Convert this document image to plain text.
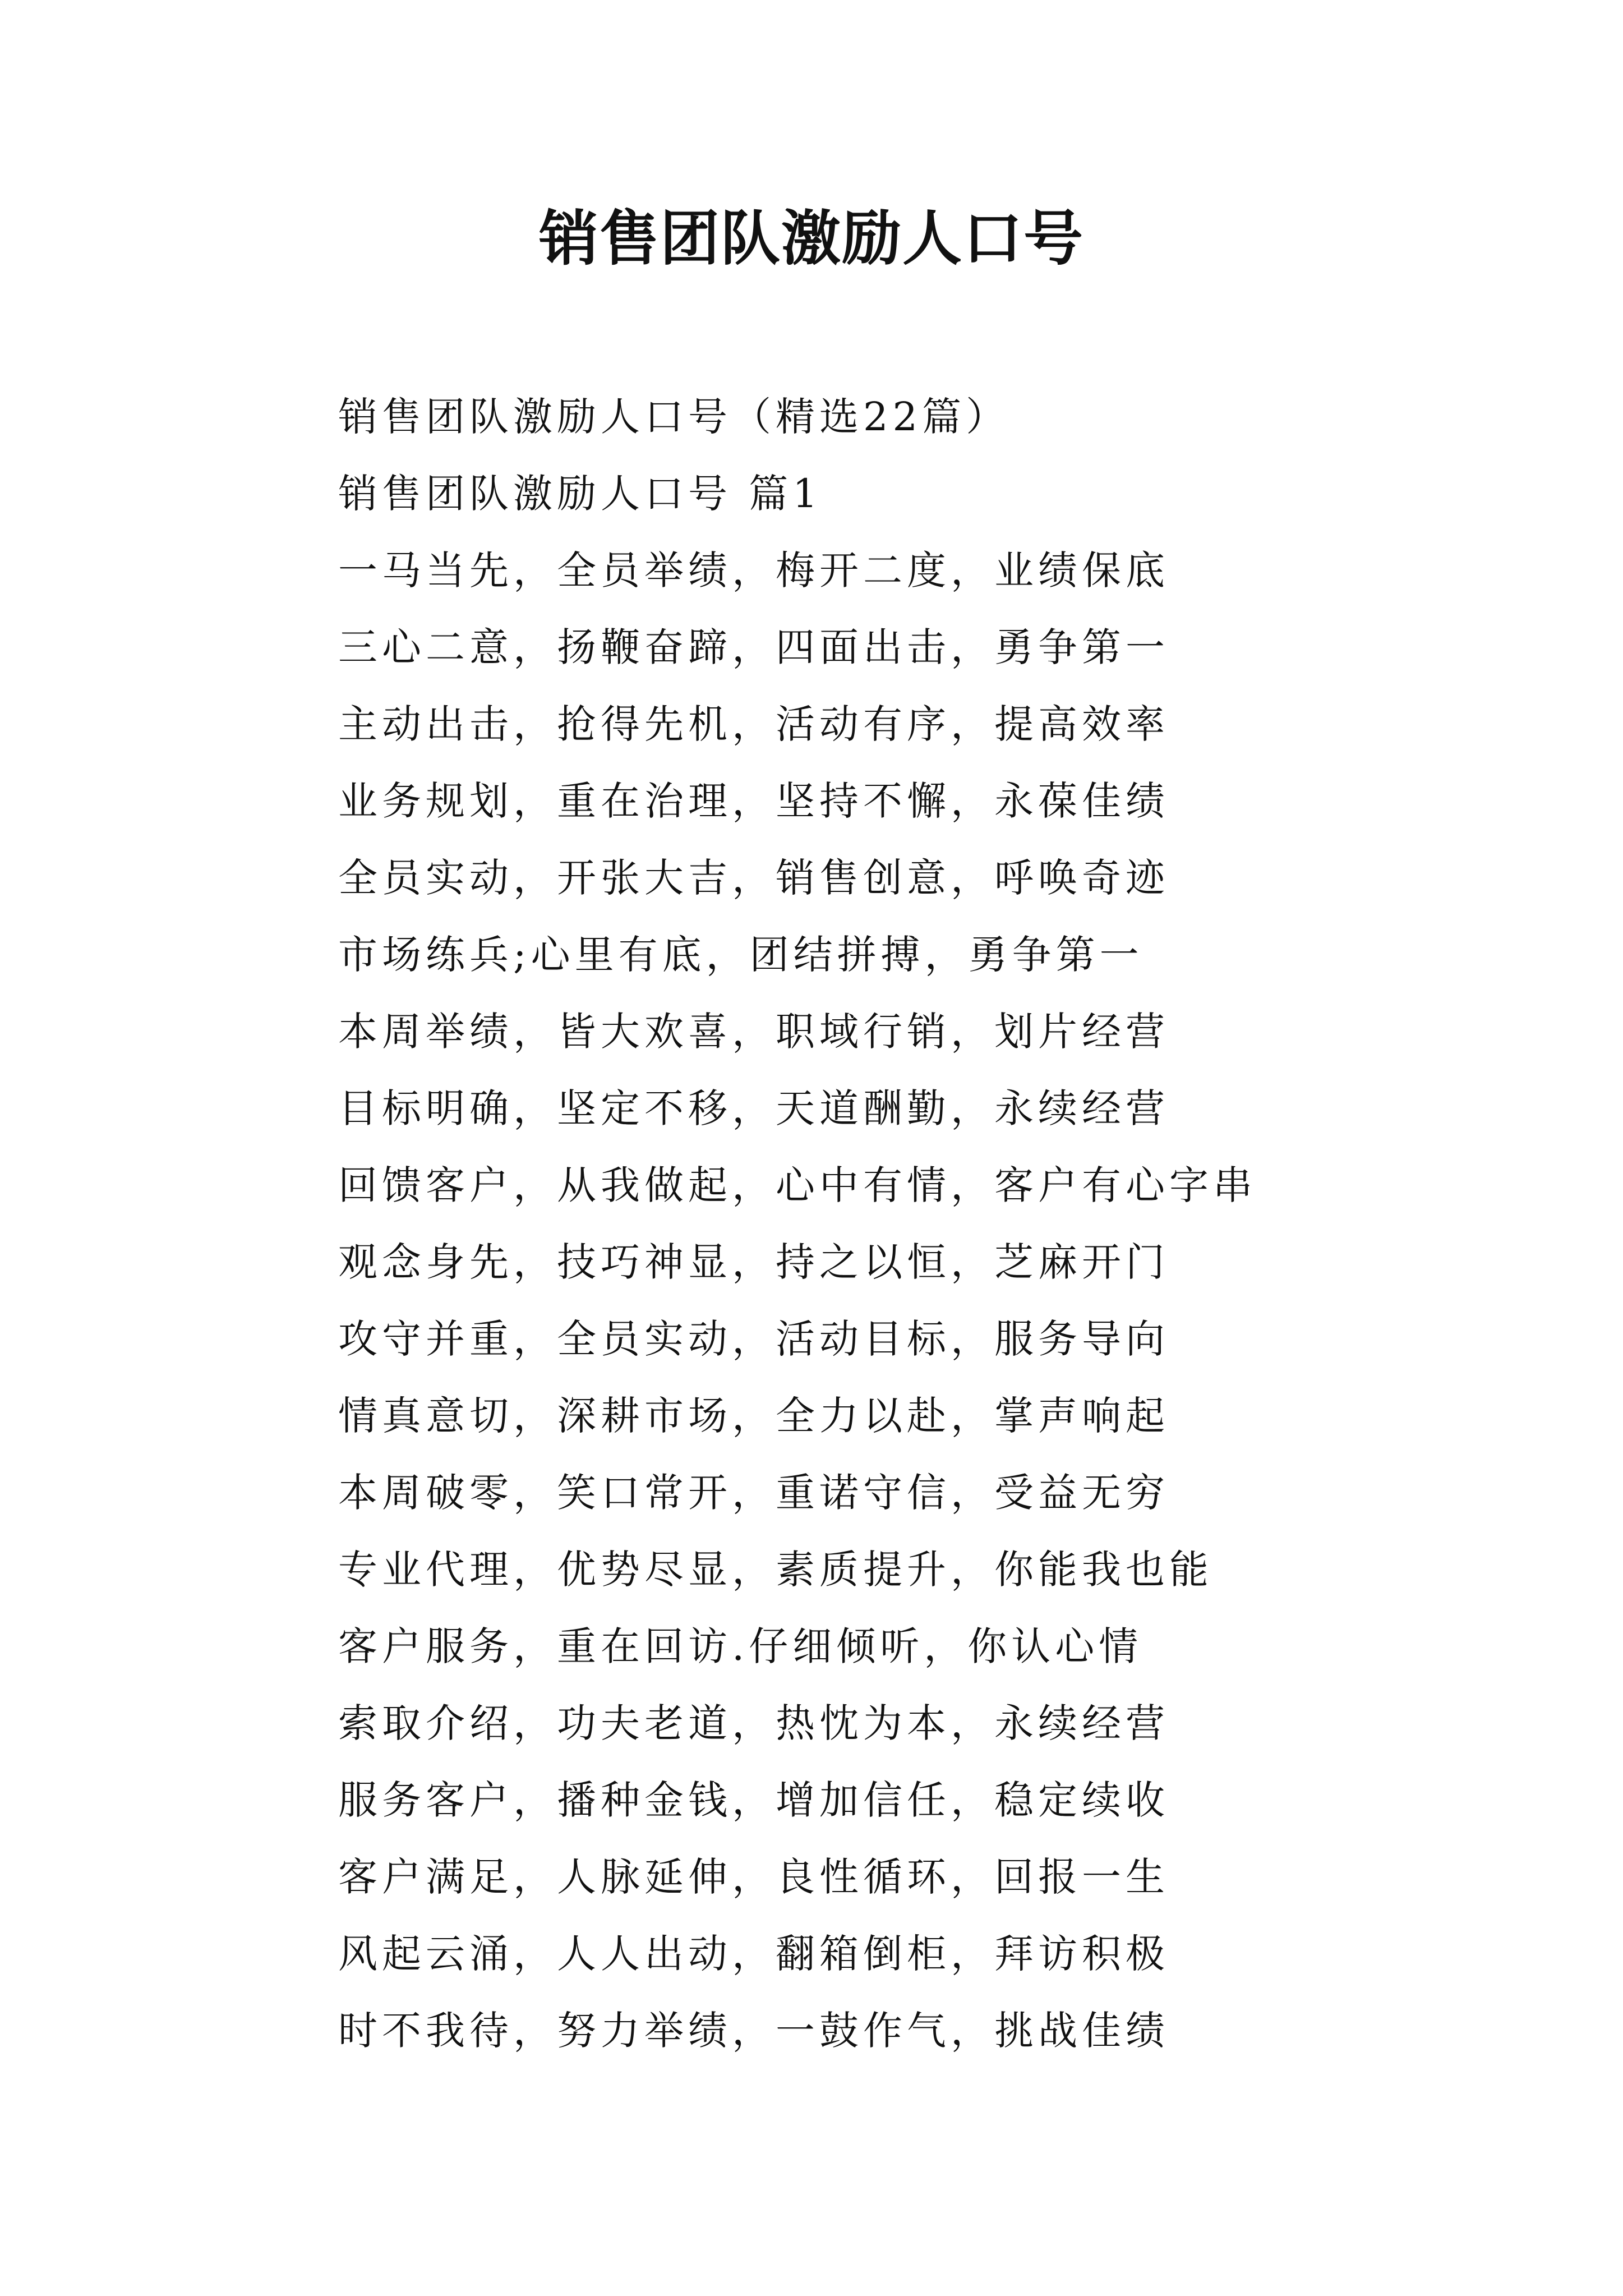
销售团队激励人口号
销售团队激励人口号（精选22篇）
销售团队激励人口号 篇1
一马当先，全员举绩，梅开二度，业绩保底
三心二意，扬鞭奋蹄，四面出击，勇争第一
主动出击，抢得先机，活动有序，提高效率
业务规划，重在治理，坚持不懈，永葆佳绩
全员实动，开张大吉，销售创意，呼唤奇迹
市场练兵;心里有底，团结拼搏，勇争第一
本周举绩，皆大欢喜，职域行销，划片经营
目标明确，坚定不移，天道酬勤，永续经营
回馈客户，从我做起，心中有情，客户有心字串
观念身先，技巧神显，持之以恒，芝麻开门
攻守并重，全员实动，活动目标，服务导向
情真意切，深耕市场，全力以赴，掌声响起
本周破零，笑口常开，重诺守信，受益无穷
专业代理，优势尽显，素质提升，你能我也能
客户服务，重在回访.仔细倾听，你认心情
索取介绍，功夫老道，热忱为本，永续经营
服务客户，播种金钱，增加信任，稳定续收
客户满足，人脉延伸，良性循环，回报一生
风起云涌，人人出动，翻箱倒柜，拜访积极
时不我待，努力举绩，一鼓作气，挑战佳绩
